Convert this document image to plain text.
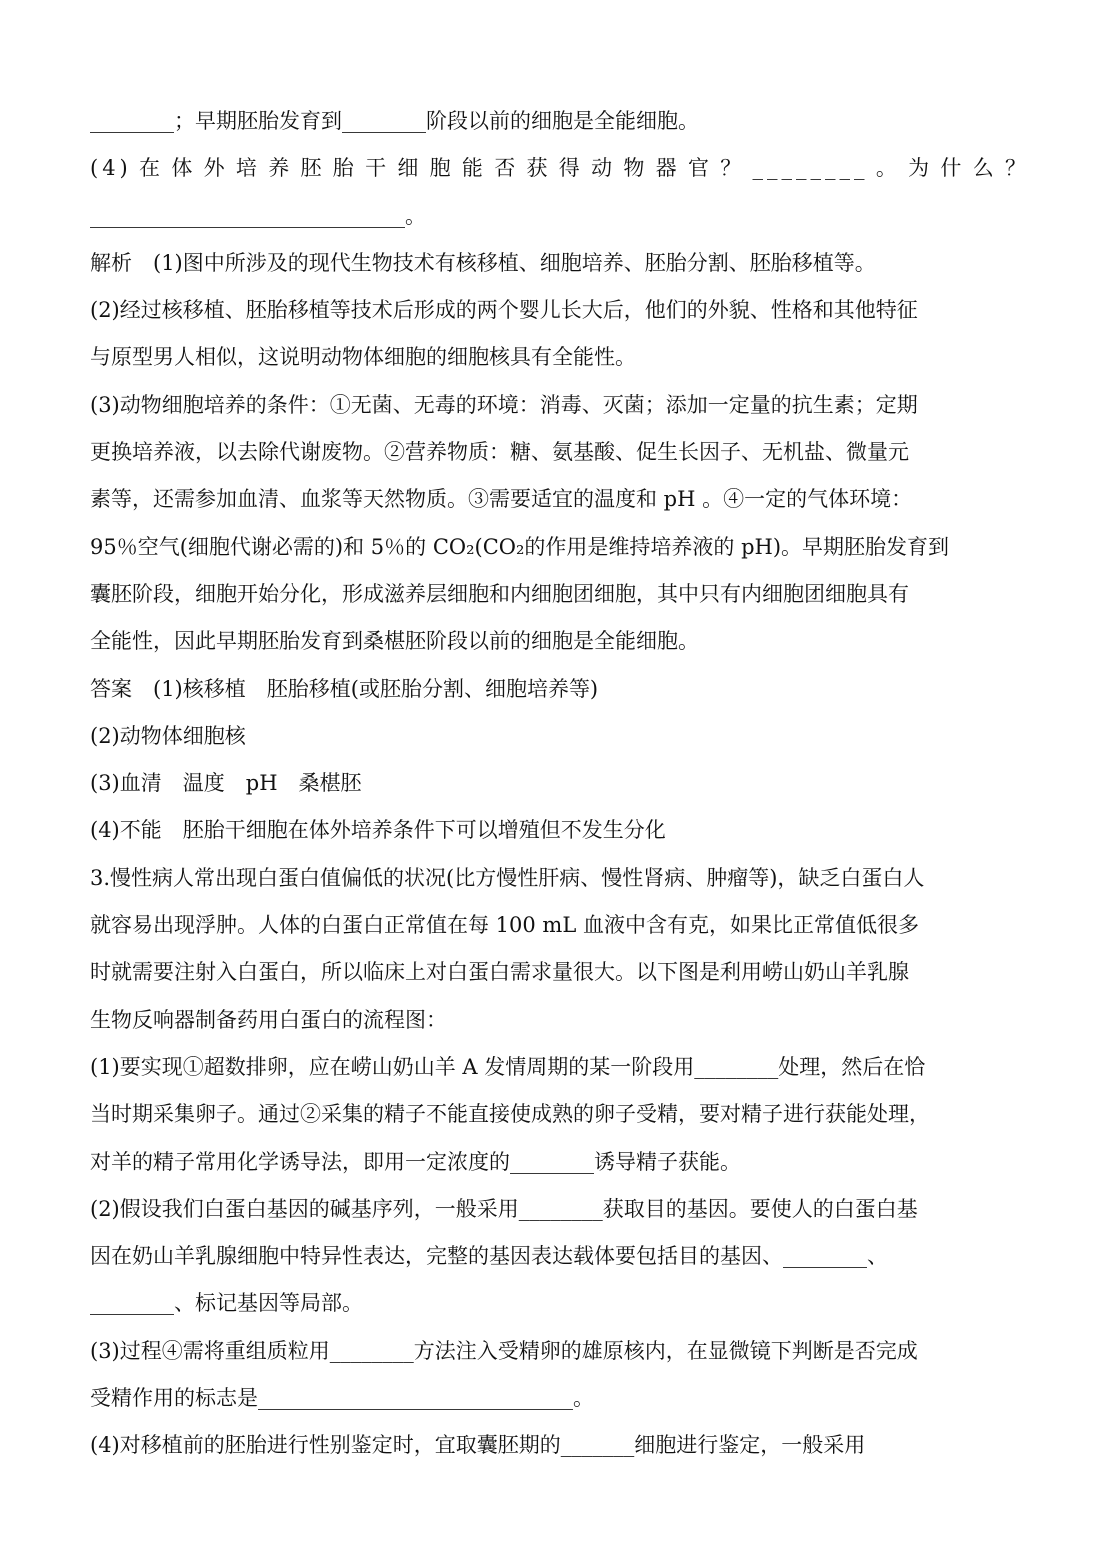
________；早期胚胎发育到________阶段以前的细胞是全能细胞。
(4)在体外培养胚胎干细胞能否获得动物器官？________。为什么？
______________________________。
解析　(1)图中所涉及的现代生物技术有核移植、细胞培养、胚胎分割、胚胎移植等。
(2)经过核移植、胚胎移植等技术后形成的两个婴儿长大后，他们的外貌、性格和其他特征
与原型男人相似，这说明动物体细胞的细胞核具有全能性。
(3)动物细胞培养的条件：①无菌、无毒的环境：消毒、灭菌；添加一定量的抗生素；定期
更换培养液，以去除代谢废物。②营养物质：糖、氨基酸、促生长因子、无机盐、微量元
素等，还需参加血清、血浆等天然物质。③需要适宜的温度和 pH 。④一定的气体环境：
95％空气(细胞代谢必需的)和 5％的 CO₂(CO₂的作用是维持培养液的 pH)。早期胚胎发育到
囊胚阶段，细胞开始分化，形成滋养层细胞和内细胞团细胞，其中只有内细胞团细胞具有
全能性，因此早期胚胎发育到桑椹胚阶段以前的细胞是全能细胞。
答案　(1)核移植　胚胎移植(或胚胎分割、细胞培养等)
(2)动物体细胞核
(3)血清　温度　pH　桑椹胚
(4)不能　胚胎干细胞在体外培养条件下可以增殖但不发生分化
3.慢性病人常出现白蛋白值偏低的状况(比方慢性肝病、慢性肾病、肿瘤等)，缺乏白蛋白人
就容易出现浮肿。人体的白蛋白正常值在每 100 mL 血液中含有克，如果比正常值低很多
时就需要注射入白蛋白，所以临床上对白蛋白需求量很大。以下图是利用崂山奶山羊乳腺
生物反响器制备药用白蛋白的流程图：
(1)要实现①超数排卵，应在崂山奶山羊 A 发情周期的某一阶段用________处理，然后在恰
当时期采集卵子。通过②采集的精子不能直接使成熟的卵子受精，要对精子进行获能处理，
对羊的精子常用化学诱导法，即用一定浓度的________诱导精子获能。
(2)假设我们白蛋白基因的碱基序列，一般采用________获取目的基因。要使人的白蛋白基
因在奶山羊乳腺细胞中特异性表达，完整的基因表达载体要包括目的基因、________、
________、标记基因等局部。
(3)过程④需将重组质粒用________方法注入受精卵的雄原核内，在显微镜下判断是否完成
受精作用的标志是______________________________。
(4)对移植前的胚胎进行性别鉴定时，宜取囊胚期的_______细胞进行鉴定，一般采用
